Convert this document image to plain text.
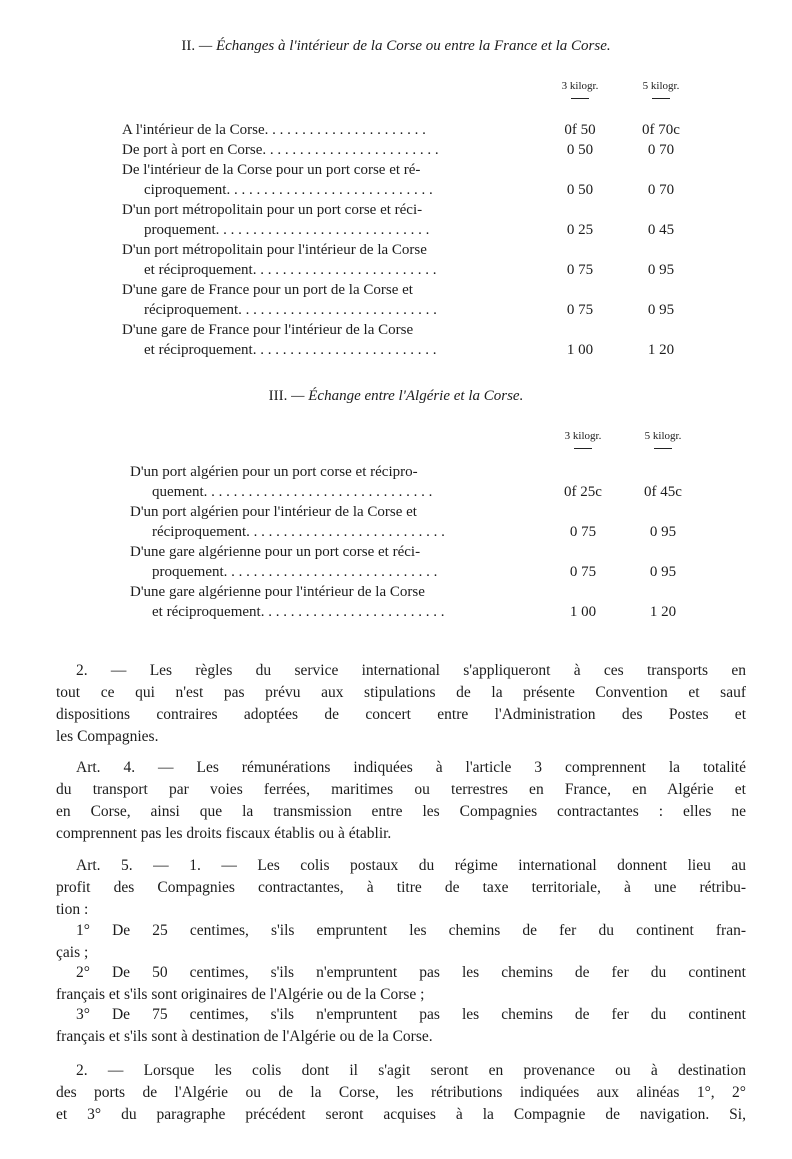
II. — Échanges à l'intérieur de la Corse ou entre la France et la Corse.
3 kilogr.	5 kilogr.
A l'intérieur de la Corse. . . . . . . . . . . . . . . . . . . . . .	0f 50	0f 70c
De port à port en Corse. . . . . . . . . . . . . . . . . . . . . . . .	0 50	0 70
De l'intérieur de la Corse pour un port corse et ré-
ciproquement. . . . . . . . . . . . . . . . . . . . . . . . . . . .	0 50	0 70
D'un port métropolitain pour un port corse et réci-
proquement. . . . . . . . . . . . . . . . . . . . . . . . . . . . .	0 25	0 45
D'un port métropolitain pour l'intérieur de la Corse
et réciproquement. . . . . . . . . . . . . . . . . . . . . . . . .	0 75	0 95
D'une gare de France pour un port de la Corse et
réciproquement. . . . . . . . . . . . . . . . . . . . . . . . . . .	0 75	0 95
D'une gare de France pour l'intérieur de la Corse
et réciproquement. . . . . . . . . . . . . . . . . . . . . . . . .	1 00	1 20
III. — Échange entre l'Algérie et la Corse.
3 kilogr.	5 kilogr.
D'un port algérien pour un port corse et récipro-
quement. . . . . . . . . . . . . . . . . . . . . . . . . . . . . . .	0f 25c	0f 45c
D'un port algérien pour l'intérieur de la Corse et
réciproquement. . . . . . . . . . . . . . . . . . . . . . . . . . .	0 75	0 95
D'une gare algérienne pour un port corse et réci-
proquement. . . . . . . . . . . . . . . . . . . . . . . . . . . . .	0 75	0 95
D'une gare algérienne pour l'intérieur de la Corse
et réciproquement. . . . . . . . . . . . . . . . . . . . . . . . .	1 00	1 20
2. — Les règles du service international s'appliqueront à ces transports en
tout ce qui n'est pas prévu aux stipulations de la présente Convention et sauf
dispositions contraires adoptées de concert entre l'Administration des Postes et
les Compagnies.
Art. 4. — Les rémunérations indiquées à l'article 3 comprennent la totalité
du transport par voies ferrées, maritimes ou terrestres en France, en Algérie et
en Corse, ainsi que la transmission entre les Compagnies contractantes : elles ne
comprennent pas les droits fiscaux établis ou à établir.
Art. 5. — 1. — Les colis postaux du régime international donnent lieu au
profit des Compagnies contractantes, à titre de taxe territoriale, à une rétribu-
tion :
1° De 25 centimes, s'ils empruntent les chemins de fer du continent fran-
çais ;
2° De 50 centimes, s'ils n'empruntent pas les chemins de fer du continent
français et s'ils sont originaires de l'Algérie ou de la Corse ;
3° De 75 centimes, s'ils n'empruntent pas les chemins de fer du continent
français et s'ils sont à destination de l'Algérie ou de la Corse.
2. — Lorsque les colis dont il s'agit seront en provenance ou à destination
des ports de l'Algérie ou de la Corse, les rétributions indiquées aux alinéas 1°, 2°
et 3° du paragraphe précédent seront acquises à la Compagnie de navigation. Si,
